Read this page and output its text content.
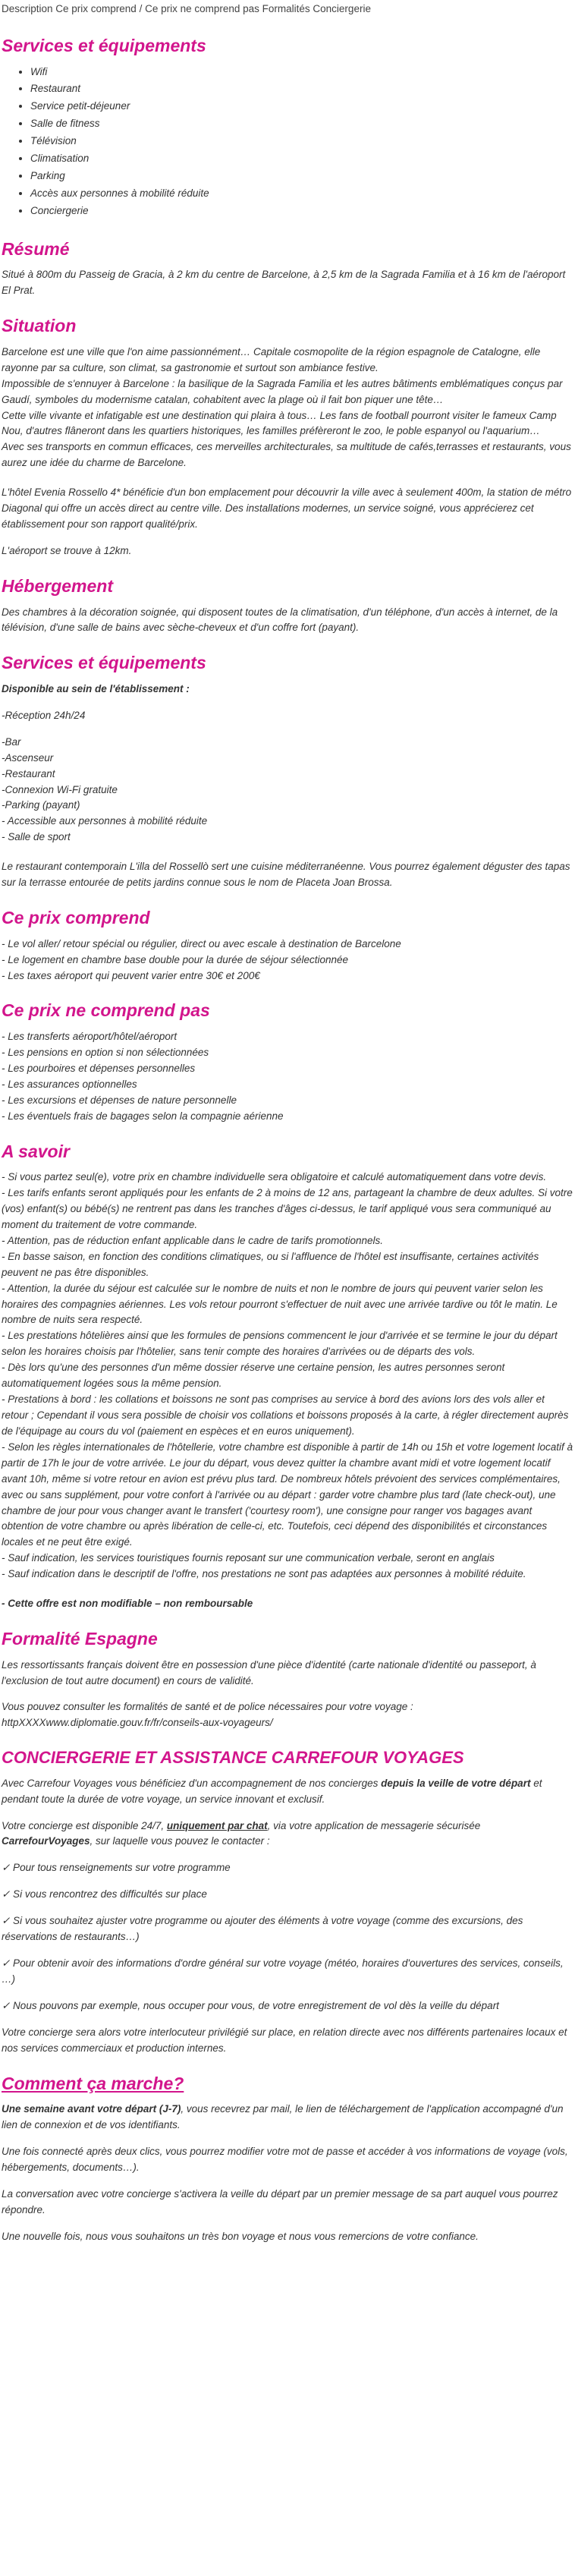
Description Ce prix comprend / Ce prix ne comprend pas Formalités Conciergerie
Services et équipements
• Wifi
• Restaurant
• Service petit-déjeuner
• Salle de fitness
• Télévision
• Climatisation
• Parking
• Accès aux personnes à mobilité réduite
• Conciergerie
Résumé

Situé à 800m du Passeig de Gracia, à 2 km du centre de Barcelone, à 2,5 km de la Sagrada Familia et à 16 km de l'aéroport El Prat.

Situation
Barcelone est une ville que l'on aime passionnément… Capitale cosmopolite de la région espagnole de Catalogne, elle rayonne par sa culture, son climat, sa gastronomie et surtout son ambiance festive.
Impossible de s'ennuyer à Barcelone : la basilique de la Sagrada Familia et les autres bâtiments emblématiques conçus par Gaudí, symboles du modernisme catalan, cohabitent avec la plage où il fait bon piquer une tête…
Cette ville vivante et infatigable est une destination qui plaira à tous… Les fans de football pourront visiter le fameux Camp Nou, d'autres flâneront dans les quartiers historiques, les familles préfèreront le zoo, le poble espanyol ou l'aquarium…
Avec ses transports en commun efficaces, ces merveilles architecturales, sa multitude de cafés,terrasses et restaurants, vous aurez une idée du charme de Barcelone.

L'hôtel Evenia Rossello 4* bénéficie d'un bon emplacement pour découvrir la ville avec à seulement 400m, la station de métro Diagonal qui offre un accès direct au centre ville. Des installations modernes, un service soigné, vous apprécierez cet établissement pour son rapport qualité/prix.

L'aéroport se trouve à 12km.

Hébergement

Des chambres à la décoration soignée, qui disposent toutes de la climatisation, d'un téléphone, d'un accès à internet, de la télévision, d'une salle de bains avec sèche-cheveux et d'un coffre fort (payant).

Services et équipements

Disponible au sein de l'établissement :

-Réception 24h/24

-Bar
-Ascenseur
-Restaurant
-Connexion Wi-Fi gratuite
-Parking (payant)
- Accessible aux personnes à mobilité réduite
- Salle de sport

Le restaurant contemporain L'illa del Rossellò sert une cuisine méditerranéenne. Vous pourrez également déguster des tapas sur la terrasse entourée de petits jardins connue sous le nom de Placeta Joan Brossa.

Ce prix comprend
- Le vol aller/ retour spécial ou régulier, direct ou avec escale à destination de Barcelone
- Le logement en chambre base double pour la durée de séjour sélectionnée
- Les taxes aéroport qui peuvent varier entre 30€ et 200€
Ce prix ne comprend pas
- Les transferts aéroport/hôtel/aéroport
- Les pensions en option si non sélectionnées
- Les pourboires et dépenses personnelles
- Les assurances optionnelles
- Les excursions et dépenses de nature personnelle
- Les éventuels frais de bagages selon la compagnie aérienne
A savoir
- Si vous partez seul(e), votre prix en chambre individuelle sera obligatoire et calculé automatiquement dans votre devis.
- Les tarifs enfants seront appliqués pour les enfants de 2 à moins de 12 ans, partageant la chambre de deux adultes. Si votre (vos) enfant(s) ou bébé(s) ne rentrent pas dans les tranches d'âges ci-dessus, le tarif appliqué vous sera communiqué au moment du traitement de votre commande.
- Attention, pas de réduction enfant applicable dans le cadre de tarifs promotionnels.
- En basse saison, en fonction des conditions climatiques, ou si l'affluence de l'hôtel est insuffisante, certaines activités peuvent ne pas être disponibles.
- Attention, la durée du séjour est calculée sur le nombre de nuits et non le nombre de jours qui peuvent varier selon les horaires des compagnies aériennes. Les vols retour pourront s'effectuer de nuit avec une arrivée tardive ou tôt le matin. Le nombre de nuits sera respecté.
- Les prestations hôtelières ainsi que les formules de pensions commencent le jour d'arrivée et se termine le jour du départ selon les horaires choisis par l'hôtelier, sans tenir compte des horaires d'arrivées ou de départs des vols.
- Dès lors qu'une des personnes d'un même dossier réserve une certaine pension, les autres personnes seront automatiquement logées sous la même pension.
- Prestations à bord : les collations et boissons ne sont pas comprises au service à bord des avions lors des vols aller et retour ; Cependant il vous sera possible de choisir vos collations et boissons proposés à la carte, à régler directement auprès de l'équipage au cours du vol (paiement en espèces et en euros uniquement).
- Selon les règles internationales de l'hôtellerie, votre chambre est disponible à partir de 14h ou 15h et votre logement locatif à partir de 17h le jour de votre arrivée. Le jour du départ, vous devez quitter la chambre avant midi et votre logement locatif avant 10h, même si votre retour en avion est prévu plus tard. De nombreux hôtels prévoient des services complémentaires, avec ou sans supplément, pour votre confort à l'arrivée ou au départ : garder votre chambre plus tard (late check-out), une chambre de jour pour vous changer avant le transfert ('courtesy room'), une consigne pour ranger vos bagages avant obtention de votre chambre ou après libération de celle-ci, etc. Toutefois, ceci dépend des disponibilités et circonstances locales et ne peut être exigé.
- Sauf indication, les services touristiques fournis reposant sur une communication verbale, seront en anglais
- Sauf indication dans le descriptif de l'offre, nos prestations ne sont pas adaptées aux personnes à mobilité réduite.

- Cette offre est non modifiable – non remboursable

Formalité Espagne

Les ressortissants français doivent être en possession d'une pièce d'identité (carte nationale d'identité ou passeport, à l'exclusion de tout autre document) en cours de validité.

Vous pouvez consulter les formalités de santé et de police nécessaires pour votre voyage :
httpXXXXwww.diplomatie.gouv.fr/fr/conseils-aux-voyageurs/

CONCIERGERIE ET ASSISTANCE CARREFOUR VOYAGES

Avec Carrefour Voyages vous bénéficiez d'un accompagnement de nos concierges depuis la veille de votre départ et pendant toute la durée de votre voyage, un service innovant et exclusif.

Votre concierge est disponible 24/7, uniquement par chat, via votre application de messagerie sécurisée CarrefourVoyages, sur laquelle vous pouvez le contacter :

✓ Pour tous renseignements sur votre programme

✓ Si vous rencontrez des difficultés sur place

✓ Si vous souhaitez ajuster votre programme ou ajouter des éléments à votre voyage (comme des excursions, des réservations de restaurants…)

✓ Pour obtenir avoir des informations d'ordre général sur votre voyage (météo, horaires d'ouvertures des services, conseils, …)

✓ Nous pouvons par exemple, nous occuper pour vous, de votre enregistrement de vol dès la veille du départ

Votre concierge sera alors votre interlocuteur privilégié sur place, en relation directe avec nos différents partenaires locaux et nos services commerciaux et production internes.

Comment ça marche?

Une semaine avant votre départ (J-7), vous recevrez par mail, le lien de téléchargement de l'application accompagné d'un lien de connexion et de vos identifiants.

Une fois connecté après deux clics, vous pourrez modifier votre mot de passe et accéder à vos informations de voyage (vols, hébergements, documents…).

La conversation avec votre concierge s'activera la veille du départ par un premier message de sa part auquel vous pourrez répondre.

Une nouvelle fois, nous vous souhaitons un très bon voyage et nous vous remercions de votre confiance.
